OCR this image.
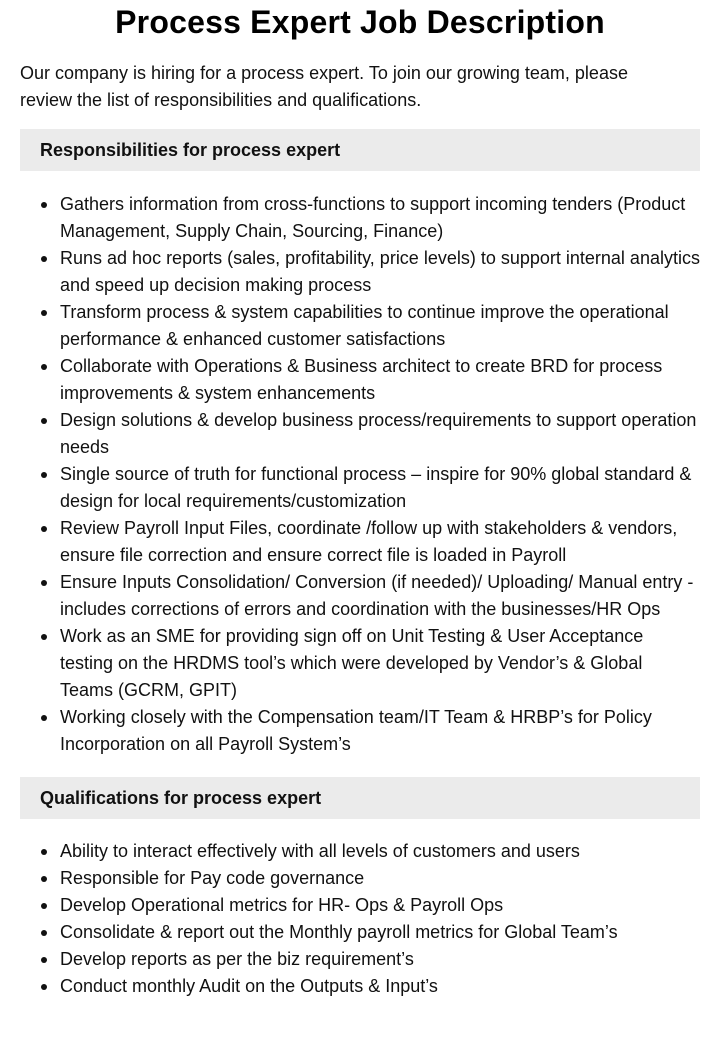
Process Expert Job Description

Our company is hiring for a process expert. To join our growing team, please review the list of responsibilities and qualifications.

Responsibilities for process expert
Gathers information from cross-functions to support incoming tenders (Product Management, Supply Chain, Sourcing, Finance)
Runs ad hoc reports (sales, profitability, price levels) to support internal analytics and speed up decision making process
Transform process & system capabilities to continue improve the operational performance & enhanced customer satisfactions
Collaborate with Operations & Business architect to create BRD for process improvements & system enhancements
Design solutions & develop business process/requirements to support operation needs
Single source of truth for functional process – inspire for 90% global standard & design for local requirements/customization
Review Payroll Input Files, coordinate /follow up with stakeholders & vendors, ensure file correction and ensure correct file is loaded in Payroll
Ensure Inputs Consolidation/ Conversion (if needed)/ Uploading/ Manual entry - includes corrections of errors and coordination with the businesses/HR Ops
Work as an SME for providing sign off on Unit Testing & User Acceptance testing on the HRDMS tool’s which were developed by Vendor’s & Global Teams (GCRM, GPIT)
Working closely with the Compensation team/IT Team & HRBP’s for Policy Incorporation on all Payroll System’s
Qualifications for process expert
Ability to interact effectively with all levels of customers and users
Responsible for Pay code governance
Develop Operational metrics for HR- Ops & Payroll Ops
Consolidate & report out the Monthly payroll metrics for Global Team’s
Develop reports as per the biz requirement’s
Conduct monthly Audit on the Outputs & Input’s
